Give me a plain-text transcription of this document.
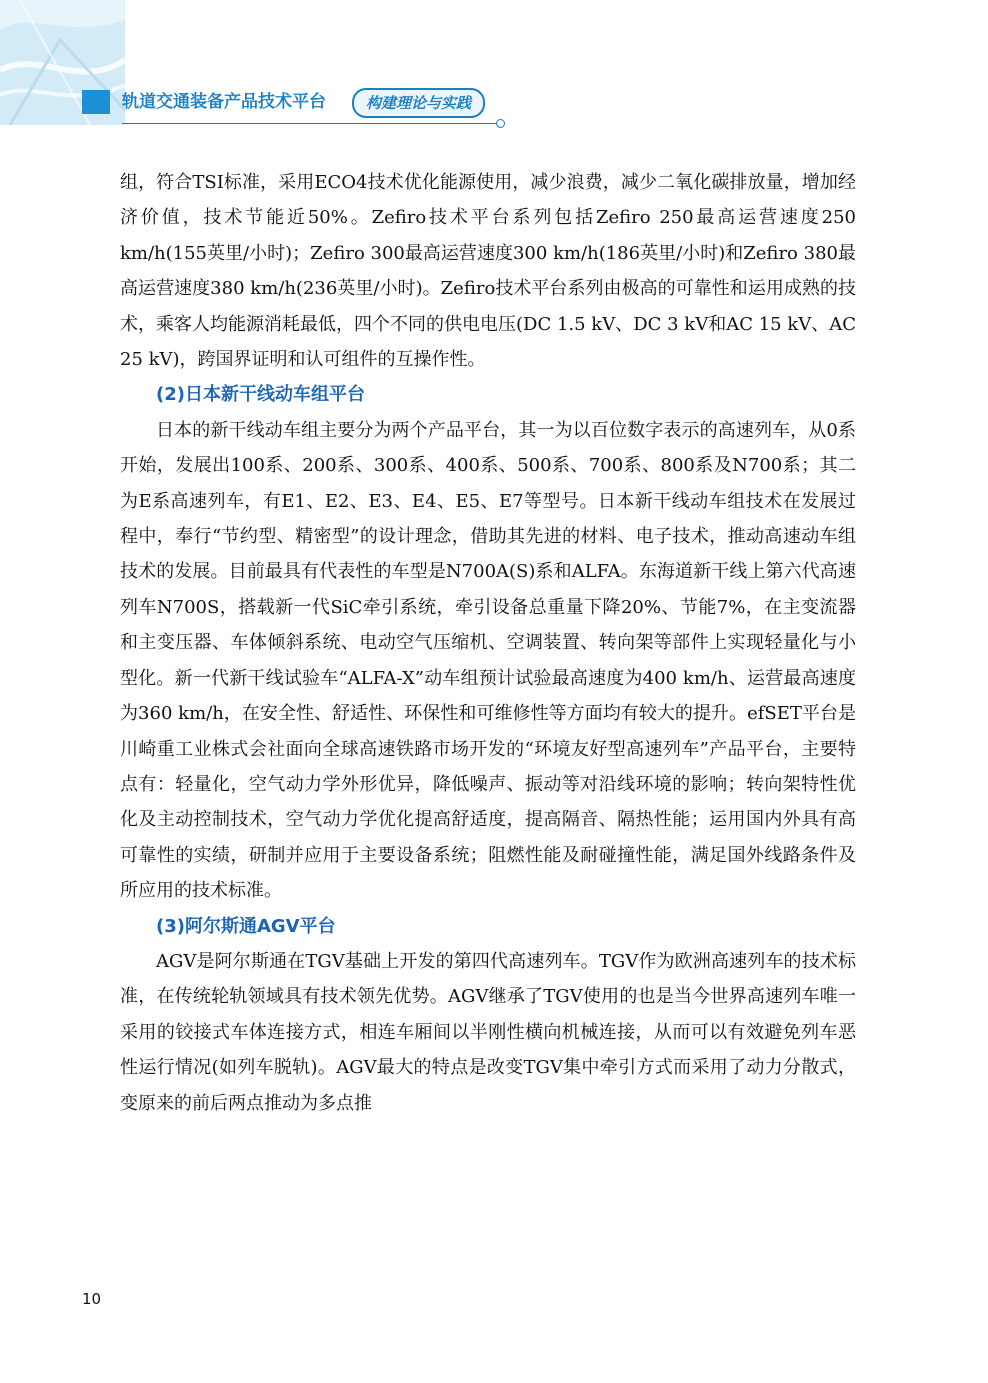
轨道交通装备产品技术平台	构建理论与实践

组，符合TSI标准，采用ECO4技术优化能源使用，减少浪费，减少二氧化碳排放量，增加经济价值，技术节能近50%。Zefiro技术平台系列包括Zefiro 250最高运营速度250 km/h(155英里/小时)；Zefiro 300最高运营速度300 km/h(186英里/小时)和Zefiro 380最高运营速度380 km/h(236英里/小时)。Zefiro技术平台系列由极高的可靠性和运用成熟的技术，乘客人均能源消耗最低，四个不同的供电电压(DC 1.5 kV、DC 3 kV和AC 15 kV、AC 25 kV)，跨国界证明和认可组件的互操作性。

(2)日本新干线动车组平台

日本的新干线动车组主要分为两个产品平台，其一为以百位数字表示的高速列车，从0系开始，发展出100系、200系、300系、400系、500系、700系、800系及N700系；其二为E系高速列车，有E1、E2、E3、E4、E5、E7等型号。日本新干线动车组技术在发展过程中，奉行“节约型、精密型”的设计理念，借助其先进的材料、电子技术，推动高速动车组技术的发展。目前最具有代表性的车型是N700A(S)系和ALFA。东海道新干线上第六代高速列车N700S，搭载新一代SiC牵引系统，牵引设备总重量下降20%、节能7%，在主变流器和主变压器、车体倾斜系统、电动空气压缩机、空调装置、转向架等部件上实现轻量化与小型化。新一代新干线试验车“ALFA-X”动车组预计试验最高速度为400 km/h、运营最高速度为360 km/h，在安全性、舒适性、环保性和可维修性等方面均有较大的提升。efSET平台是川崎重工业株式会社面向全球高速铁路市场开发的“环境友好型高速列车”产品平台，主要特点有：轻量化，空气动力学外形优异，降低噪声、振动等对沿线环境的影响；转向架特性优化及主动控制技术，空气动力学优化提高舒适度，提高隔音、隔热性能；运用国内外具有高可靠性的实绩，研制并应用于主要设备系统；阻燃性能及耐碰撞性能，满足国外线路条件及所应用的技术标准。

(3)阿尔斯通AGV平台

AGV是阿尔斯通在TGV基础上开发的第四代高速列车。TGV作为欧洲高速列车的技术标准，在传统轮轨领域具有技术领先优势。AGV继承了TGV使用的也是当今世界高速列车唯一采用的铰接式车体连接方式，相连车厢间以半刚性横向机械连接，从而可以有效避免列车恶性运行情况(如列车脱轨)。AGV最大的特点是改变TGV集中牵引方式而采用了动力分散式，变原来的前后两点推动为多点推

10
